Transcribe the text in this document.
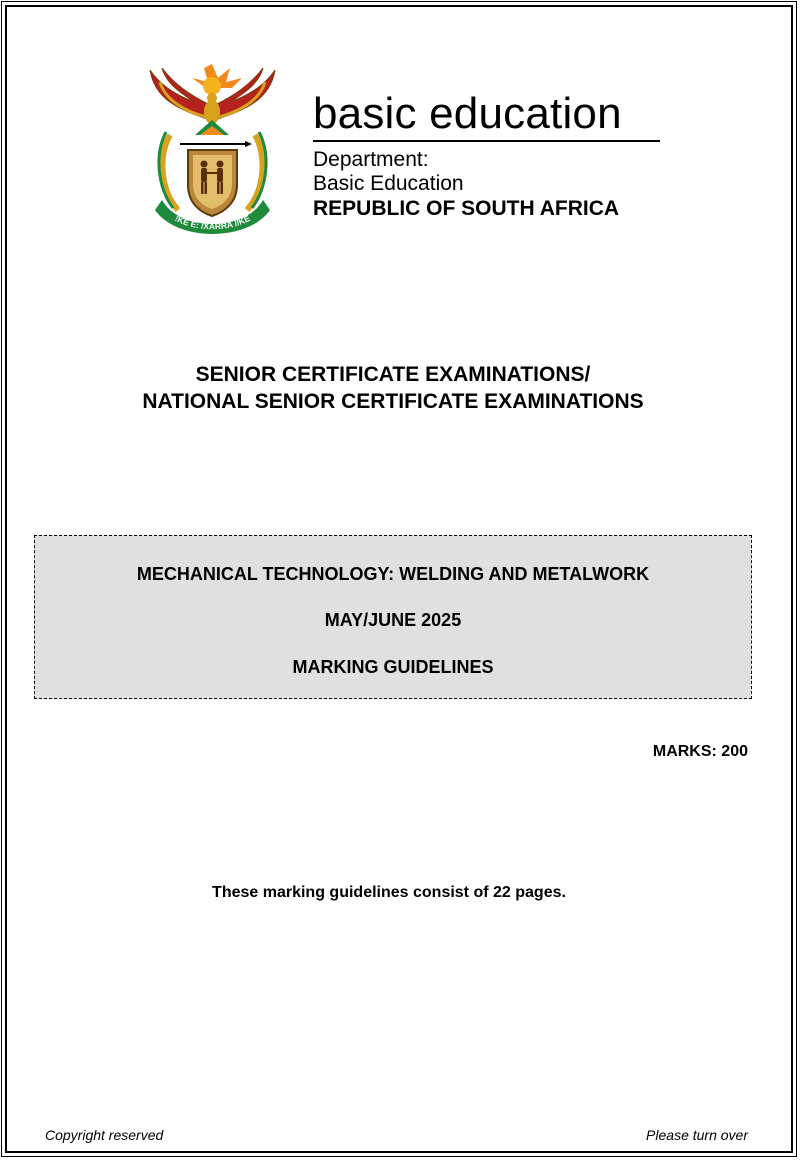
!KE E: /XARRA //KE
basic education
Department:
Basic Education
REPUBLIC OF SOUTH AFRICA
SENIOR CERTIFICATE EXAMINATIONS/
NATIONAL SENIOR CERTIFICATE EXAMINATIONS
MECHANICAL TECHNOLOGY: WELDING AND METALWORK
MAY/JUNE 2025
MARKING GUIDELINES
MARKS: 200
These marking guidelines consist of 22 pages.
Copyright reserved	Please turn over
